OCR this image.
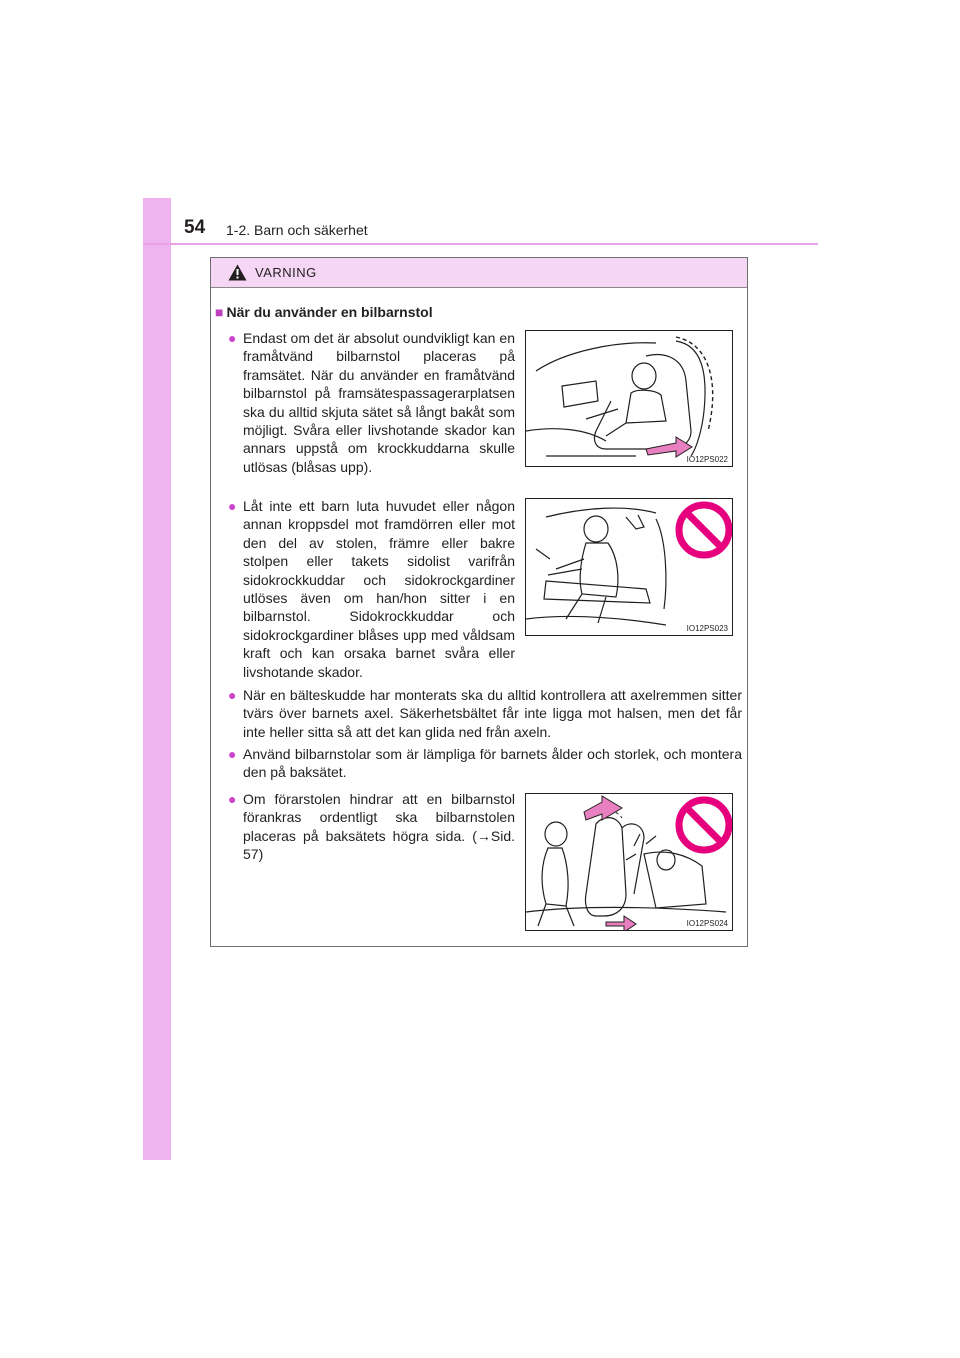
54 1-2. Barn och säkerhet
VARNING
■ När du använder en bilbarnstol
● Endast om det är absolut oundvikligt kan en framåtvänd bilbarnstol placeras på framsätet. När du använder en framåtvänd bilbarnstol på framsätespassagerarplatsen ska du alltid skjuta sätet så långt bakåt som möjligt. Svåra eller livshotande skador kan annars uppstå om krockkuddarna skulle utlösas (blåsas upp).
● Låt inte ett barn luta huvudet eller någon annan kroppsdel mot framdörren eller mot den del av stolen, främre eller bakre stolpen eller takets sidolist varifrån sidokrockkuddar och sidokrockgardiner utlöses även om han/hon sitter i en bilbarnstol. Sidokrockkuddar och sidokrockgardiner blåses upp med våldsam kraft och kan orsaka barnet svåra eller livshotande skador.
● När en bälteskudde har monterats ska du alltid kontrollera att axelremmen sitter tvärs över barnets axel. Säkerhetsbältet får inte ligga mot halsen, men det får inte heller sitta så att det kan glida ned från axeln.
● Använd bilbarnstolar som är lämpliga för barnets ålder och storlek, och montera den på baksätet.
● Om förarstolen hindrar att en bilbarnstol förankras ordentligt ska bilbarnstolen placeras på baksätets högra sida. (→Sid. 57)
IO12PS022
IO12PS023
IO12PS024
